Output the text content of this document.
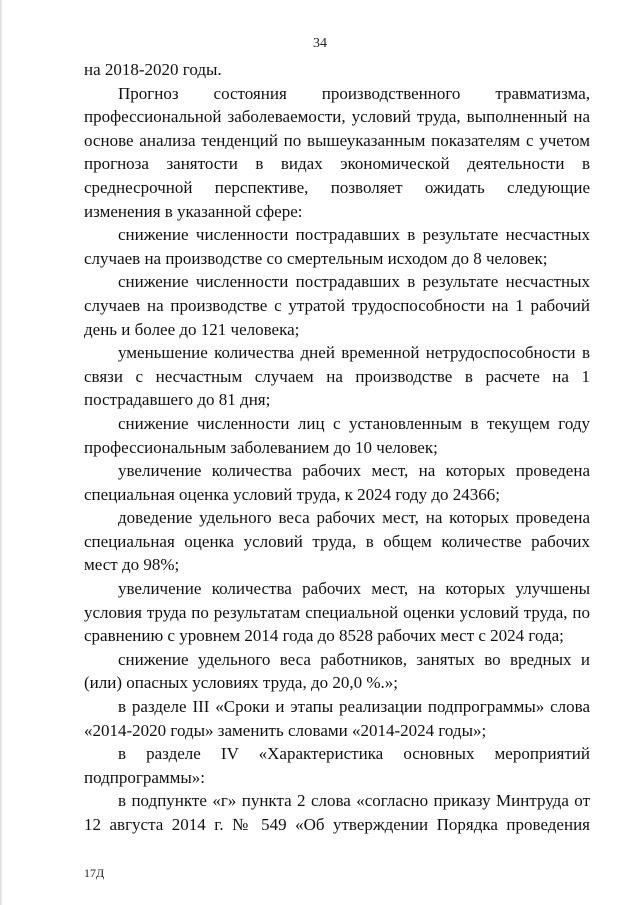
34

на 2018-2020 годы.

Прогноз состояния производственного травматизма, профессиональной заболеваемости, условий труда, выполненный на основе анализа тенденций по вышеуказанным показателям с учетом прогноза занятости в видах экономической деятельности в среднесрочной перспективе, позволяет ожидать следующие изменения в указанной сфере:

снижение численности пострадавших в результате несчастных случаев на производстве со смертельным исходом до 8 человек;

снижение численности пострадавших в результате несчастных случаев на производстве с утратой трудоспособности на 1 рабочий день и более до 121 человека;

уменьшение количества дней временной нетрудоспособности в связи с несчастным случаем на производстве в расчете на 1 пострадавшего до 81 дня;

снижение численности лиц с установленным в текущем году профессиональным заболеванием до 10 человек;

увеличение количества рабочих мест, на которых проведена специальная оценка условий труда, к 2024 году до 24366;

доведение удельного веса рабочих мест, на которых проведена специальная оценка условий труда, в общем количестве рабочих мест до 98%;

увеличение количества рабочих мест, на которых улучшены условия труда по результатам специальной оценки условий труда, по сравнению с уровнем 2014 года до 8528 рабочих мест с 2024 года;

снижение удельного веса работников, занятых во вредных и (или) опасных условиях труда, до 20,0 %.»;

в разделе III «Сроки и этапы реализации подпрограммы» слова «2014-2020 годы» заменить словами «2014-2024 годы»;

в разделе IV «Характеристика основных мероприятий подпрограммы»:

в подпункте «г» пункта 2 слова «согласно приказу Минтруда от 12 августа 2014 г. № 549 «Об утверждении Порядка проведения

17Д
